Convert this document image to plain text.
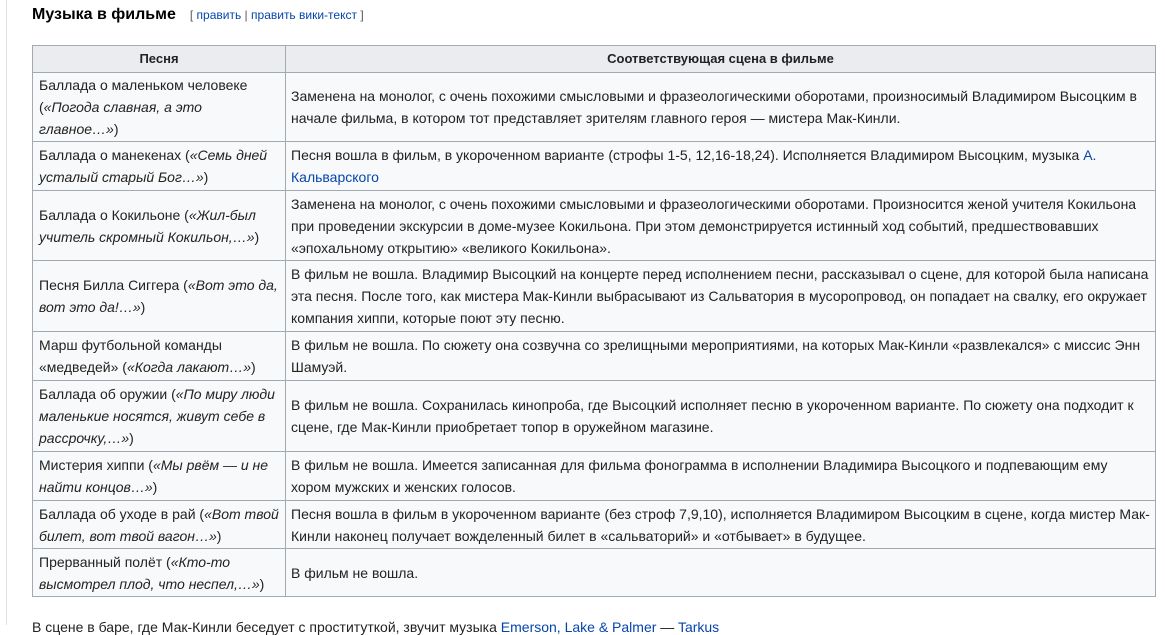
Музыка в фильме [ править | править вики-текст ]
Песня	Соответствующая сцена в фильме
Баллада о маленьком человеке («Погода славная, а это главное…»)	Заменена на монолог, с очень похожими смысловыми и фразеологическими оборотами, произносимый Владимиром Высоцким в начале фильма, в котором тот представляет зрителям главного героя — мистера Мак-Кинли.
Баллада о манекенах («Семь дней усталый старый Бог…»)	Песня вошла в фильм, в укороченном варианте (строфы 1-5, 12,16-18,24). Исполняется Владимиром Высоцким, музыка А. Кальварского
Баллада о Кокильоне («Жил-был учитель скромный Кокильон,…»)	Заменена на монолог, с очень похожими смысловыми и фразеологическими оборотами. Произносится женой учителя Кокильона при проведении экскурсии в доме-музее Кокильона. При этом демонстрируется истинный ход событий, предшествовавших «эпохальному открытию» «великого Кокильона».
Песня Билла Сиггера («Вот это да, вот это да!…»)	В фильм не вошла. Владимир Высоцкий на концерте перед исполнением песни, рассказывал о сцене, для которой была написана эта песня. После того, как мистера Мак-Кинли выбрасывают из Сальватория в мусоропровод, он попадает на свалку, его окружает компания хиппи, которые поют эту песню.
Марш футбольной команды «медведей» («Когда лакают…»)	В фильм не вошла. По сюжету она созвучна со зрелищными мероприятиями, на которых Мак-Кинли «развлекался» с миссис Энн Шамуэй.
Баллада об оружии («По миру люди маленькие носятся, живут себе в рассрочку,…»)	В фильм не вошла. Сохранилась кинопроба, где Высоцкий исполняет песню в укороченном варианте. По сюжету она подходит к сцене, где Мак-Кинли приобретает топор в оружейном магазине.
Мистерия хиппи («Мы рвём — и не найти концов…»)	В фильм не вошла. Имеется записанная для фильма фонограмма в исполнении Владимира Высоцкого и подпевающим ему хором мужских и женских голосов.
Баллада об уходе в рай («Вот твой билет, вот твой вагон…»)	Песня вошла в фильм в укороченном варианте (без строф 7,9,10), исполняется Владимиром Высоцким в сцене, когда мистер Мак-Кинли наконец получает вожделенный билет в «сальваторий» и «отбывает» в будущее.
Прерванный полёт («Кто-то высмотрел плод, что неспел,…»)	В фильм не вошла.
В сцене в баре, где Мак-Кинли беседует с проституткой, звучит музыка Emerson, Lake & Palmer — Tarkus
